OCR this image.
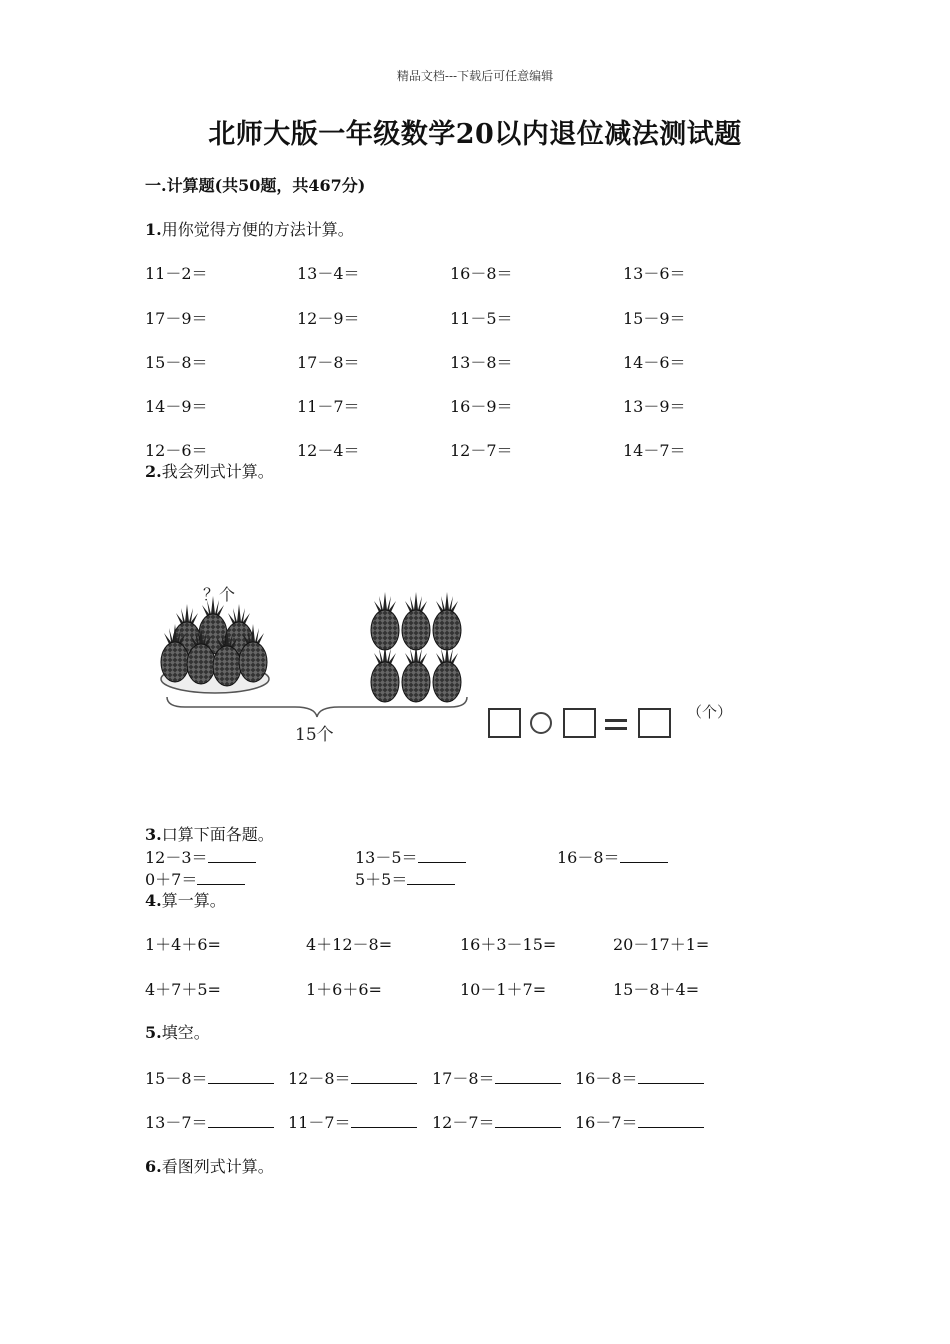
精品文档---下载后可任意编辑
北师大版一年级数学20以内退位减法测试题
一.计算题(共50题，共467分)
1.用你觉得方便的方法计算。
11－2＝	13－4＝	16－8＝	13－6＝
17－9＝	12－9＝	11－5＝	15－9＝
15－8＝	17－8＝	13－8＝	14－6＝
14－9＝	11－7＝	16－9＝	13－9＝
12－6＝	12－4＝	12－7＝	14－7＝
2.我会列式计算。
？个
15个
（个）
3.口算下面各题。
12－3＝	13－5＝	16－8＝
0＋7＝	5＋5＝
4.算一算。
1＋4＋6=	4＋12－8=	16＋3－15=	20－17＋1=
4＋7＋5=	1＋6＋6=	10－1＋7=	15－8＋4=
5.填空。
15－8＝	12－8＝	17－8＝	16－8＝
13－7＝	11－7＝	12－7＝	16－7＝
6.看图列式计算。
